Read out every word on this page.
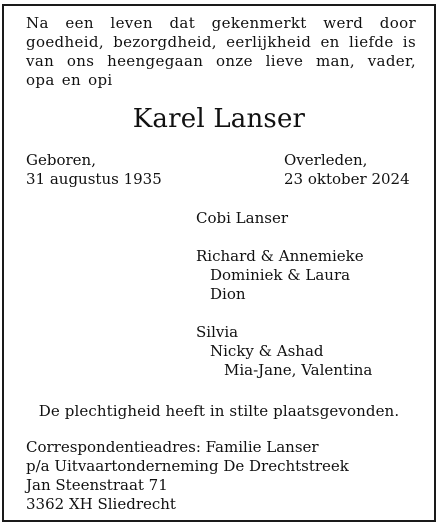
Na een leven dat gekenmerkt werd door goedheid, bezorgdheid, eerlijkheid en liefde is van ons heengegaan onze lieve man, vader, opa en opi
Karel Lanser
Geboren,
31 augustus 1935
Overleden,
23 oktober 2024
Cobi Lanser
Richard & Annemieke
Dominiek & Laura
Dion
Silvia
Nicky & Ashad
Mia-Jane, Valentina
De plechtigheid heeft in stilte plaatsgevonden.
Correspondentieadres: Familie Lanser
p/a Uitvaartonderneming De Drechtstreek
Jan Steenstraat 71
3362 XH Sliedrecht
